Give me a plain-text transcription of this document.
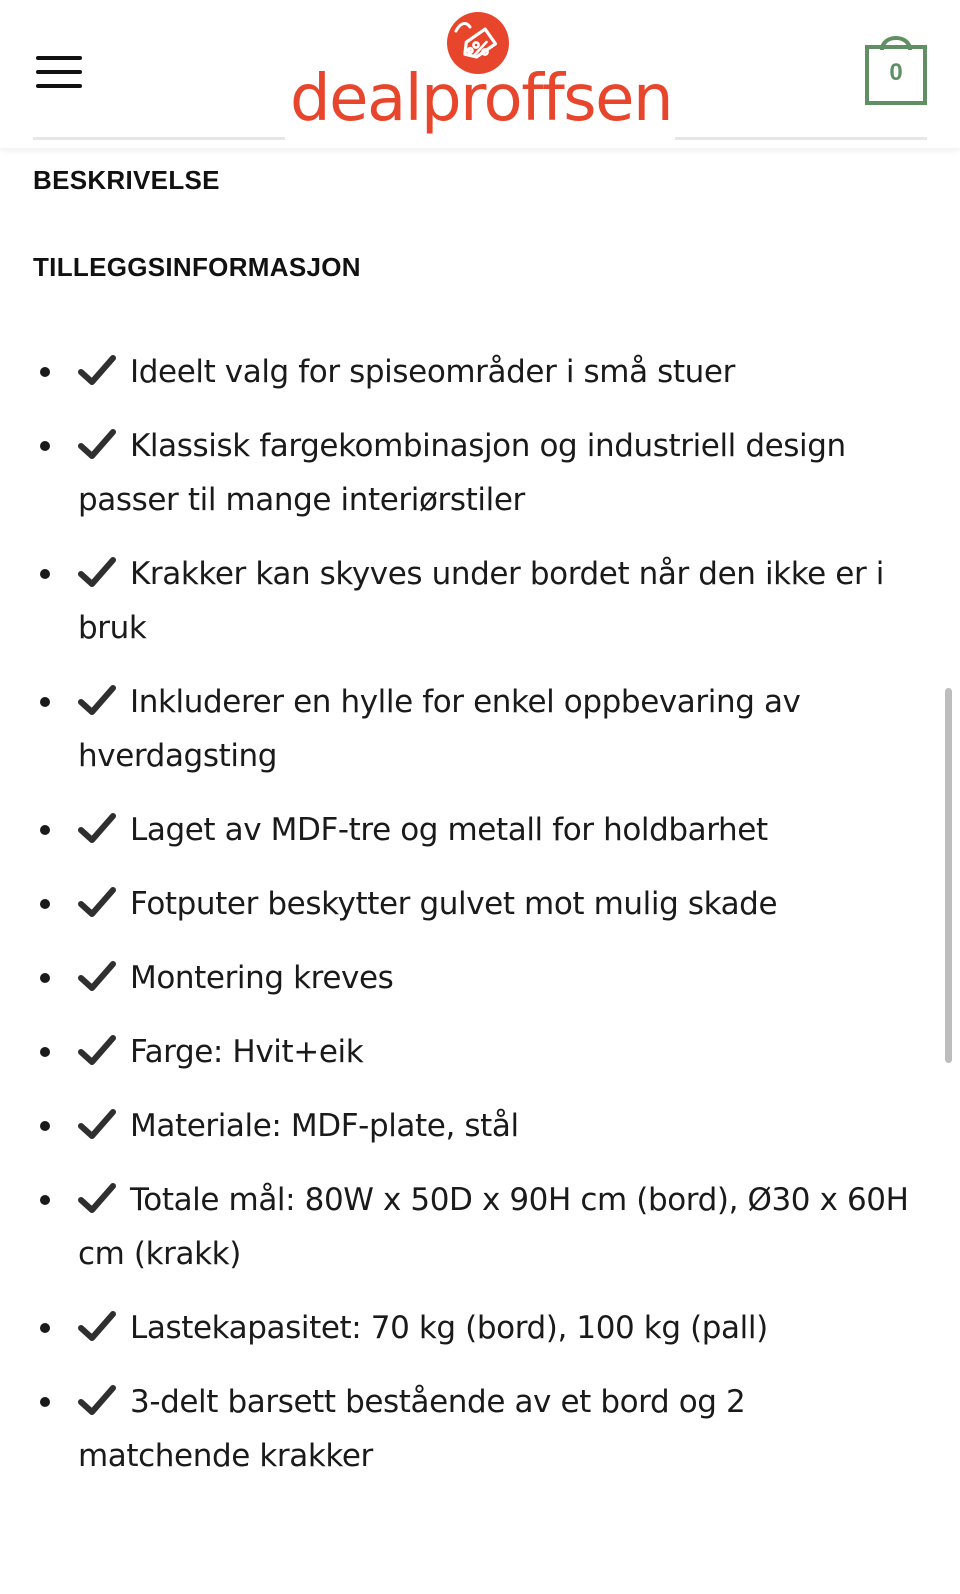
dealproffsen	0
BESKRIVELSE
TILLEGGSINFORMASJON
Ideelt valg for spiseområder i små stuer
Klassisk fargekombinasjon og industriell design passer til mange interiørstiler
Krakker kan skyves under bordet når den ikke er i bruk
Inkluderer en hylle for enkel oppbevaring av hverdagsting
Laget av MDF-tre og metall for holdbarhet
Fotputer beskytter gulvet mot mulig skade
Montering kreves
Farge: Hvit+eik
Materiale: MDF-plate, stål
Totale mål: 80W x 50D x 90H cm (bord), Ø30 x 60H cm (krakk)
Lastekapasitet: 70 kg (bord), 100 kg (pall)
3-delt barsett bestående av et bord og 2 matchende krakker
